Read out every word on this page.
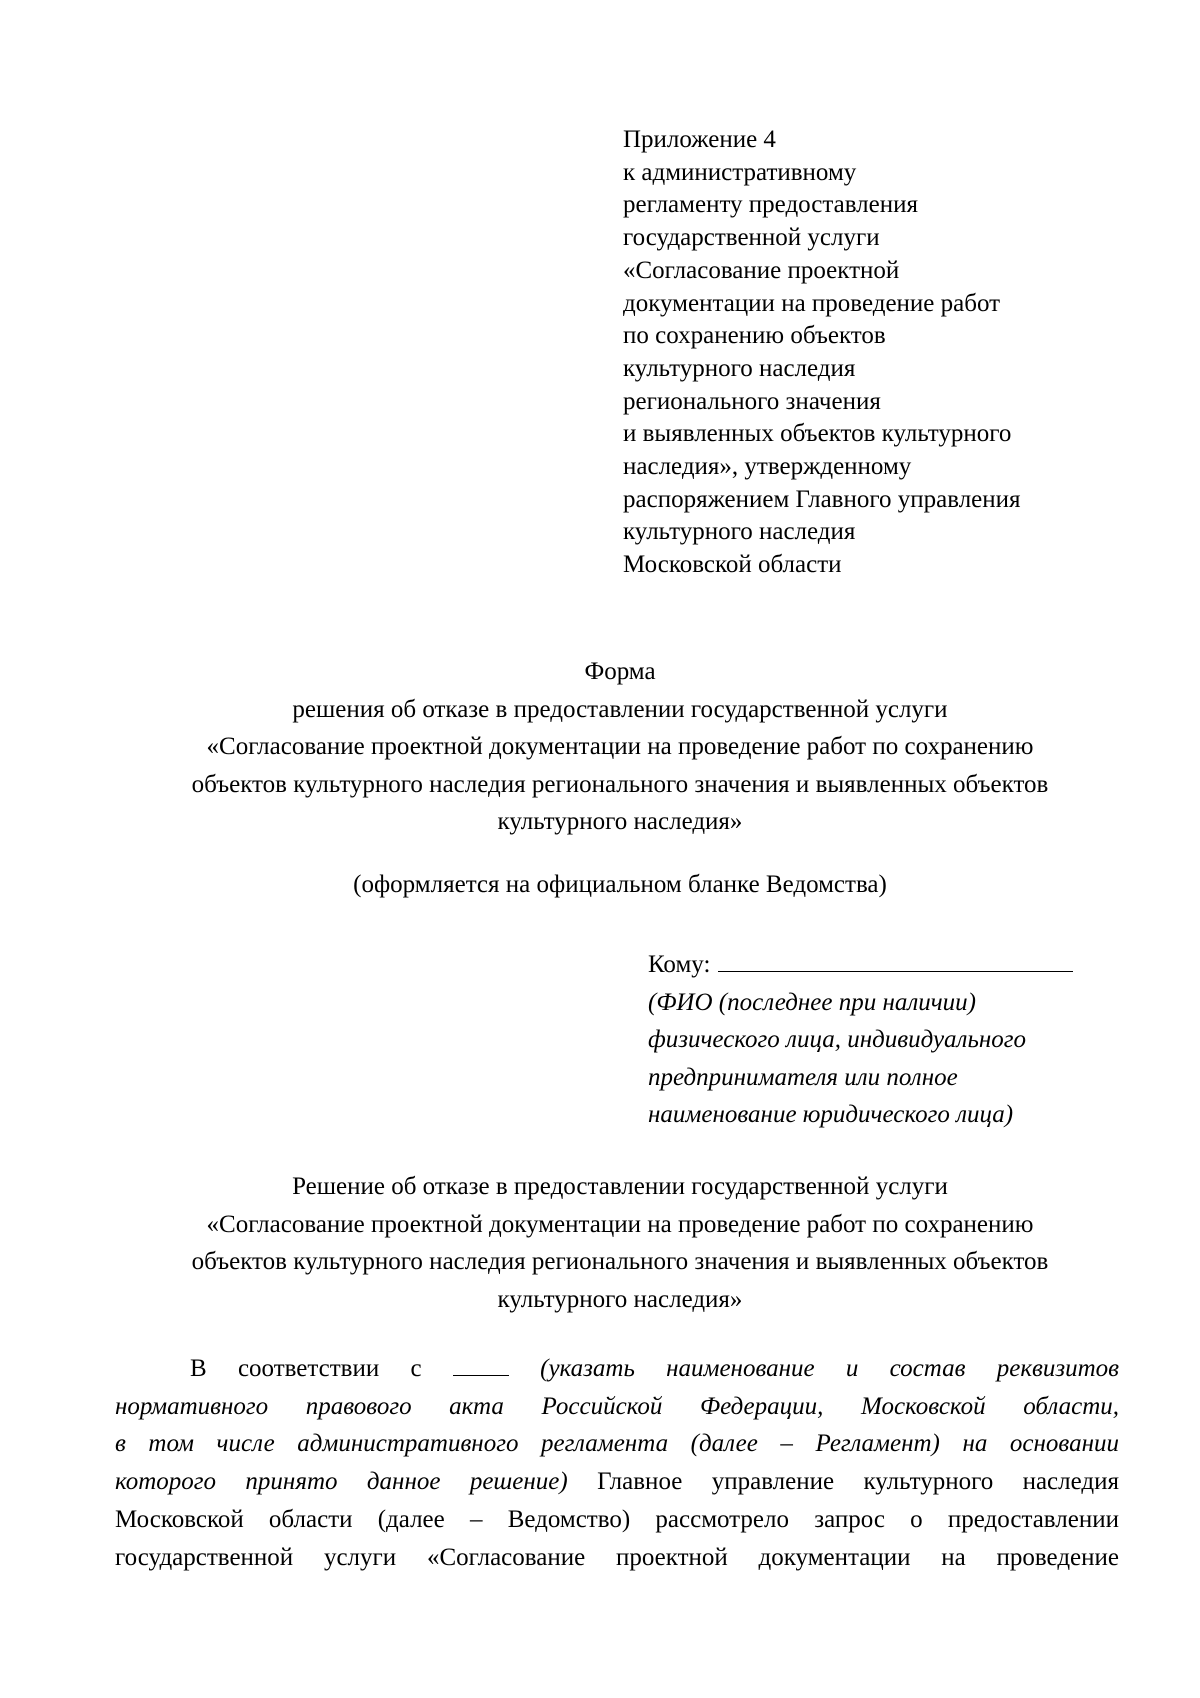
Приложение 4
к административному
регламенту предоставления
государственной услуги
«Согласование проектной
документации на проведение работ
по сохранению объектов
культурного наследия
регионального значения
и выявленных объектов культурного
наследия», утвержденному
распоряжением Главного управления
культурного наследия
Московской области
Форма
решения об отказе в предоставлении государственной услуги
«Согласование проектной документации на проведение работ по сохранению
объектов культурного наследия регионального значения и выявленных объектов
культурного наследия»
(оформляется на официальном бланке Ведомства)
Кому:
(ФИО (последнее при наличии)
физического лица, индивидуального
предпринимателя или полное
наименование юридического лица)
Решение об отказе в предоставлении государственной услуги
«Согласование проектной документации на проведение работ по сохранению
объектов культурного наследия регионального значения и выявленных объектов
культурного наследия»
В соответствии с	(указать наименование и состав реквизитов
нормативного правового акта Российской Федерации, Московской области,
в том числе административного регламента (далее – Регламент) на основании
которого принято данное решение) Главное управление культурного наследия
Московской области (далее – Ведомство) рассмотрело запрос о предоставлении
государственной услуги «Согласование проектной документации на проведение
